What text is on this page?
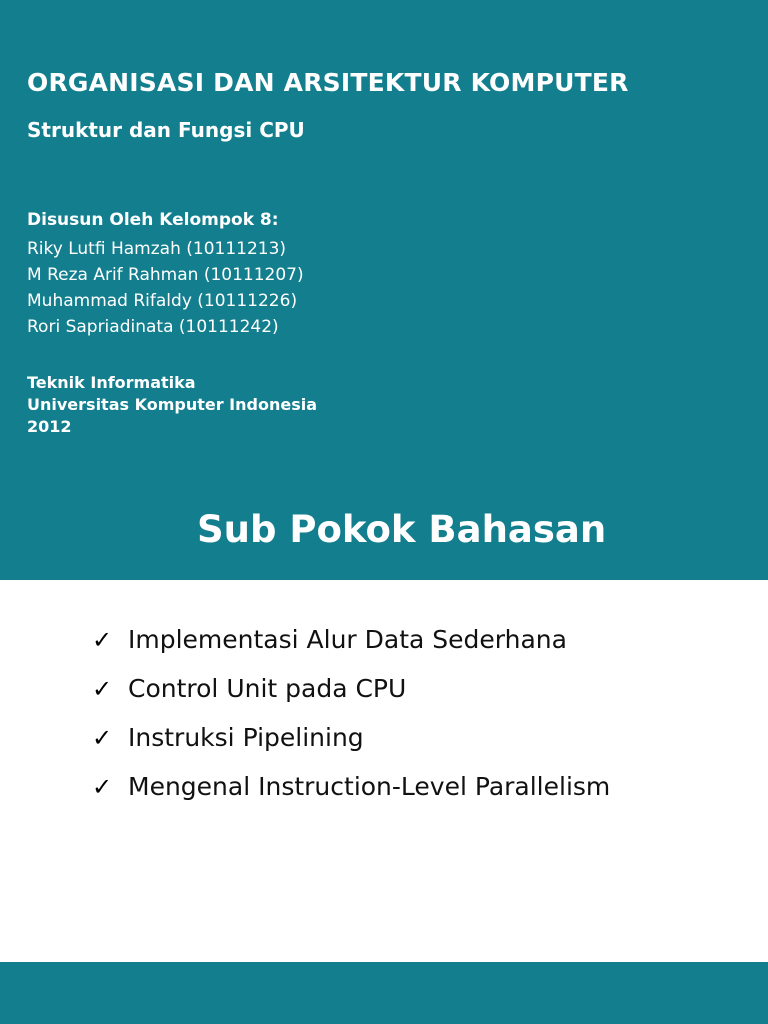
ORGANISASI DAN ARSITEKTUR KOMPUTER
Struktur dan Fungsi CPU

Disusun Oleh Kelompok 8:

Riky Lutfi Hamzah (10111213)
M Reza Arif Rahman (10111207)
Muhammad Rifaldy (10111226)
Rori Sapriadinata (10111242)
Teknik Informatika
Universitas Komputer Indonesia
2012
Sub Pokok Bahasan
✓ Implementasi Alur Data Sederhana
✓ Control Unit pada CPU
✓ Instruksi Pipelining
✓ Mengenal Instruction-Level Parallelism
